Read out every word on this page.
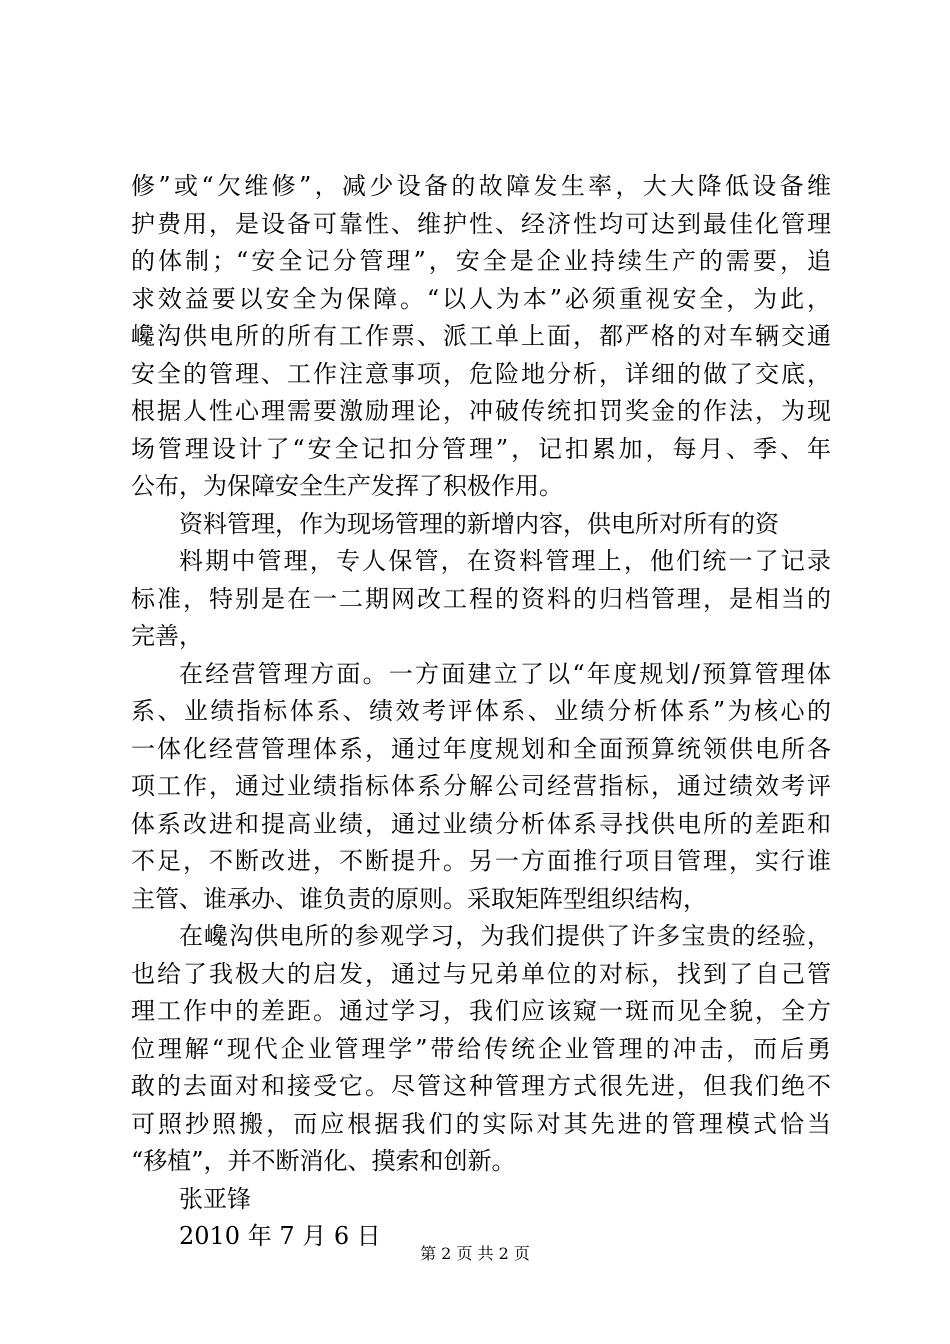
修”或“欠维修”，减少设备的故障发生率，大大降低设备维
护费用，是设备可靠性、维护性、经济性均可达到最佳化管理
的体制；“安全记分管理”，安全是企业持续生产的需要，追
求效益要以安全为保障。“以人为本”必须重视安全，为此，
巉沟供电所的所有工作票、派工单上面，都严格的对车辆交通
安全的管理、工作注意事项，危险地分析，详细的做了交底，
根据人性心理需要激励理论，冲破传统扣罚奖金的作法，为现
场管理设计了“安全记扣分管理”，记扣累加，每月、季、年
公布，为保障安全生产发挥了积极作用。
资料管理，作为现场管理的新增内容，供电所对所有的资
料期中管理，专人保管，在资料管理上，他们统一了记录
标准，特别是在一二期网改工程的资料的归档管理，是相当的
完善，
在经营管理方面。一方面建立了以“年度规划/预算管理体
系、业绩指标体系、绩效考评体系、业绩分析体系”为核心的
一体化经营管理体系，通过年度规划和全面预算统领供电所各
项工作，通过业绩指标体系分解公司经营指标，通过绩效考评
体系改进和提高业绩，通过业绩分析体系寻找供电所的差距和
不足，不断改进，不断提升。另一方面推行项目管理，实行谁
主管、谁承办、谁负责的原则。采取矩阵型组织结构，
在巉沟供电所的参观学习，为我们提供了许多宝贵的经验，
也给了我极大的启发，通过与兄弟单位的对标，找到了自己管
理工作中的差距。通过学习，我们应该窥一斑而见全貌，全方
位理解“现代企业管理学”带给传统企业管理的冲击，而后勇
敢的去面对和接受它。尽管这种管理方式很先进，但我们绝不
可照抄照搬，而应根据我们的实际对其先进的管理模式恰当
“移植”，并不断消化、摸索和创新。
张亚锋
2010 年 7 月 6 日
第 2 页 共 2 页
